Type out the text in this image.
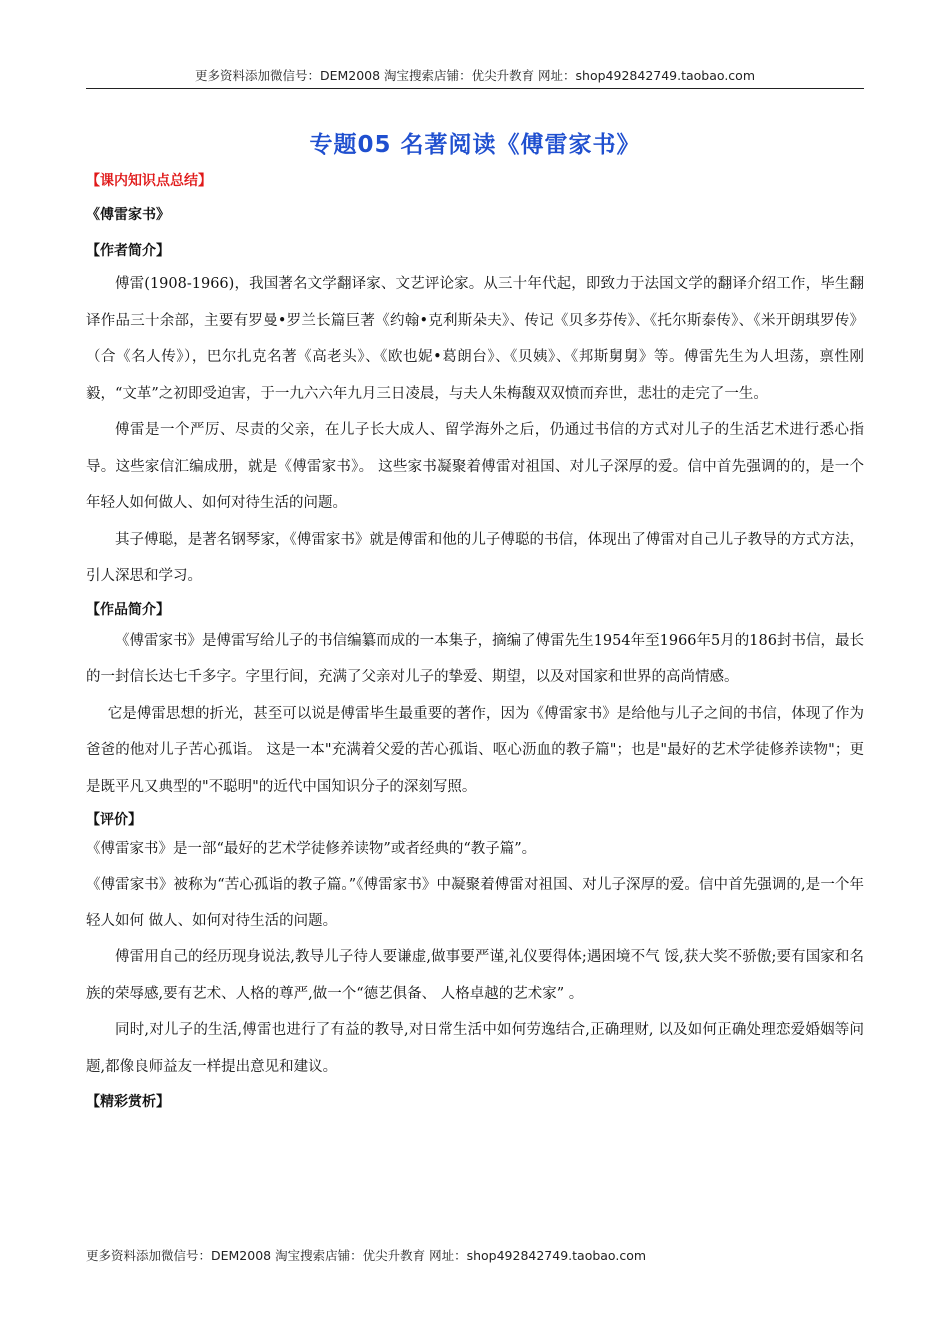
更多资料添加微信号：DEM2008 淘宝搜索店铺：优尖升教育 网址：shop492842749.taobao.com
专题05 名著阅读《傅雷家书》

【课内知识点总结】

《傅雷家书》

【作者简介】

傅雷(1908-1966)，我国著名文学翻译家、文艺评论家。从三十年代起，即致力于法国文学的翻译介绍工作，毕生翻译作品三十余部，主要有罗曼•罗兰长篇巨著《约翰•克利斯朵夫》、传记《贝多芬传》、《托尔斯泰传》、《米开朗琪罗传》（合《名人传》），巴尔扎克名著《高老头》、《欧也妮•葛朗台》、《贝姨》、《邦斯舅舅》等。傅雷先生为人坦荡，禀性刚毅，“文革”之初即受迫害，于一九六六年九月三日凌晨，与夫人朱梅馥双双愤而弃世，悲壮的走完了一生。

傅雷是一个严厉、尽责的父亲，在儿子长大成人、留学海外之后，仍通过书信的方式对儿子的生活艺术进行悉心指导。这些家信汇编成册，就是《傅雷家书》。 这些家书凝聚着傅雷对祖国、对儿子深厚的爱。信中首先强调的的，是一个年轻人如何做人、如何对待生活的问题。

其子傅聪，是著名钢琴家，《傅雷家书》就是傅雷和他的儿子傅聪的书信，体现出了傅雷对自己儿子教导的方式方法，引人深思和学习。

【作品简介】

《傅雷家书》是傅雷写给儿子的书信编纂而成的一本集子，摘编了傅雷先生1954年至1966年5月的186封书信，最长的一封信长达七千多字。字里行间，充满了父亲对儿子的挚爱、期望，以及对国家和世界的高尚情感。

它是傅雷思想的折光，甚至可以说是傅雷毕生最重要的著作，因为《傅雷家书》是给他与儿子之间的书信，体现了作为爸爸的他对儿子苦心孤诣。 这是一本"充满着父爱的苦心孤诣、呕心沥血的教子篇"；也是"最好的艺术学徒修养读物"；更是既平凡又典型的"不聪明"的近代中国知识分子的深刻写照。

【评价】

《傅雷家书》是一部“最好的艺术学徒修养读物”或者经典的“教子篇”。

《傅雷家书》被称为“苦心孤诣的教子篇。”《傅雷家书》中凝聚着傅雷对祖国、对儿子深厚的爱。信中首先强调的,是一个年轻人如何 做人、如何对待生活的问题。

傅雷用自己的经历现身说法,教导儿子待人要谦虚,做事要严谨,礼仪要得体;遇困境不气 馁,获大奖不骄傲;要有国家和名族的荣辱感,要有艺术、人格的尊严,做一个“德艺俱备、 人格卓越的艺术家” 。

同时,对儿子的生活,傅雷也进行了有益的教导,对日常生活中如何劳逸结合,正确理财, 以及如何正确处理恋爱婚姻等问题,都像良师益友一样提出意见和建议。

【精彩赏析】

更多资料添加微信号：DEM2008 淘宝搜索店铺：优尖升教育 网址：shop492842749.taobao.com
